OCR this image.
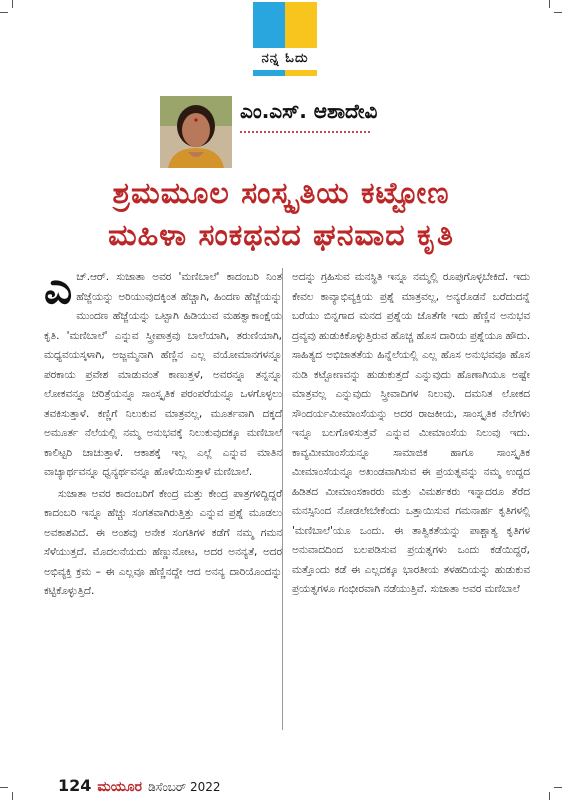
ನನ್ನ ಓದು
ಎಂ.ಎಸ್. ಆಶಾದೇವಿ
ಶ್ರಮಮೂಲ ಸಂಸ್ಕೃತಿಯ ಕಟ್ಟೋಣ
ಮಹಿಳಾ ಸಂಕಥನದ ಘನವಾದ ಕೃತಿ

ಎಚ್.ಆರ್. ಸುಜಾತಾ ಅವರ 'ಮಣಿಬಾಲೆ' ಕಾದಂಬರಿ ನಿಂತ ಹೆಜ್ಜೆಯನ್ನು ಅರಿಯುವುದಕ್ಕಿಂತ ಹೆಚ್ಚಾಗಿ, ಹಿಂದಣ ಹೆಜ್ಜೆಯನ್ನು ಮುಂದಣ ಹೆಜ್ಜೆಯನ್ನು ಒಟ್ಟಾಗಿ ಹಿಡಿಯುವ ಮಹತ್ವಾಕಾಂಕ್ಷೆಯ ಕೃತಿ. 'ಮಣಿಬಾಲೆ' ಎನ್ನುವ ಸ್ತ್ರೀಪಾತ್ರವು ಬಾಲೆಯಾಗಿ, ತರುಣಿಯಾಗಿ, ಮಧ್ಯವಯಸ್ಕಳಾಗಿ, ಅಜ್ಜಮ್ಮನಾಗಿ ಹೆಣ್ಣಿನ ಎಲ್ಲ ವಯೋಮಾನಗಳನ್ನೂ ಪರಕಾಯ ಪ್ರವೇಶ ಮಾಡುವಂತೆ ಕಾಣುತ್ತಳೆ, ಅವರನ್ನೂ ತನ್ನನ್ನೂ ಲೋಕವನ್ನೂ ಚರಿತ್ರೆಯನ್ನೂ ಸಾಂಸ್ಕೃತಿಕ ಪರಂಪರೆಯನ್ನೂ ಒಳಗೊಳ್ಳಲು ತವಕಿಸುತ್ತಾಳೆ. ಕಣ್ಣಿಗೆ ನಿಲುಕುವ ಮಾತ್ರವಲ್ಲ, ಮೂರ್ತವಾಗಿ ದಕ್ಕದೆ ಅಮೂರ್ತ ನೆಲೆಯಲ್ಲಿ ನಮ್ಮ ಅನುಭವಕ್ಕೆ ನಿಲುಕುವುದಕ್ಕೂ ಮಣಿಬಾಲೆ ಕಾಲಿಟ್ಟರಿ ಚಾಚುತ್ತಾಳೆ. ಆಕಾಶಕ್ಕೆ ಇಲ್ಲ ಎಲ್ಲೆ ಎನ್ನುವ ಮಾತಿನ ವಾಚ್ಯಾರ್ಥವನ್ನೂ ಧ್ವನ್ಯರ್ಥವನ್ನೂ ಹೊಳೆಯಿಸುತ್ತಾಳೆ ಮಣಿಬಾಲೆ.

ಸುಜಾತಾ ಅವರ ಕಾದಂಬರಿಗೆ ಕೇಂದ್ರ ಮತ್ತು ಕೇಂದ್ರ ಪಾತ್ರಗಳಿದ್ದಿದ್ದರೆ ಕಾದಂಬರಿ ಇನ್ನೂ ಹೆಚ್ಚು ಸಂಗತವಾಗಿರುತ್ತಿತ್ತು ಎನ್ನುವ ಪ್ರಶ್ನೆ ಮೂಡಲು ಅವಕಾಶವಿದೆ. ಈ ಅಂಶವು ಅನೇಕ ಸಂಗತಿಗಳ ಕಡೆಗೆ ನಮ್ಮ ಗಮನ ಸೆಳೆಯುತ್ತದೆ. ಮೊದಲನೆಯದು ಹೆಣ್ಣುನೋಟ, ಅದರ ಅನನ್ಯತೆ, ಅದರ ಅಭಿವ್ಯಕ್ತಿ ಕ್ರಮ – ಈ ಎಲ್ಲವೂ ಹೆಣ್ಣಿನದ್ದೇ ಆದ ಅನನ್ಯ ದಾರಿಯೊಂದನ್ನು ಕಟ್ಟಿಕೊಳ್ಳುತ್ತಿದೆ.

ಅದನ್ನು ಗ್ರಹಿಸುವ ಮನಸ್ಥಿತಿ ಇನ್ನೂ ನಮ್ಮಲ್ಲಿ ರೂಪುಗೊಳ್ಳಬೇಕಿದೆ. ಇದು ಕೇವಲ ಕಾವ್ಯಾಭಿವ್ಯಕ್ತಿಯ ಪ್ರಶ್ನೆ ಮಾತ್ರವಲ್ಲ, ಅನ್ಯರೊಡನೆ ಬರೆದುದನ್ನೆ ಬರೆಯು ಬಿನ್ನಗಾದ ಮನದ ಪ್ರಶ್ನೆಯ ಜೊತೆಗೇ ಇದು ಹೆಣ್ಣಿನ ಅನುಭವ ದ್ರವ್ಯವು ಹುಡುಕಿಕೊಳ್ಳುತ್ತಿರುವ ಹೊಚ್ಚ ಹೊಸ ದಾರಿಯ ಪ್ರಶ್ನೆಯೂ ಹೌದು. ಸಾಹಿತ್ಯದ ಅಭಿಜಾತತೆಯ ಹಿನ್ನೆಲೆಯಲ್ಲಿ ಎಲ್ಲ ಹೊಸ ಅನುಭವವೂ ಹೊಸ ನುಡಿ ಕಟ್ಟೋಣವನ್ನು ಹುಡುಕುತ್ತದೆ ಎನ್ನುವುದು ಹೊಣಾಗಿಯೂ ಅಷ್ಟೇ ಮಾತ್ರವಲ್ಲ ಎನ್ನುವುದು ಸ್ತ್ರೀವಾದಿಗಳ ನಿಲುವು. ದಮನಿತ ಲೋಕದ ಸೌಂದರ್ಯಮೀಮಾಂಸೆಯನ್ನು ಅದರ ರಾಜಕೀಯ, ಸಾಂಸ್ಕೃತಿಕ ನೆಲೆಗಳು ಇನ್ನೂ ಬಲಗೊಳಿಸುತ್ತವೆ ಎನ್ನುವ ಮೀಮಾಂಸೆಯ ನಿಲುವು ಇದು. ಕಾವ್ಯಮೀಮಾಂಸೆಯನ್ನೂ ಸಾಮಾಜಿಕ ಹಾಗೂ ಸಾಂಸ್ಕೃತಿಕ ಮೀಮಾಂಸೆಯನ್ನೂ ಅಖಂಡವಾಗಿಸುವ ಈ ಪ್ರಯತ್ನವನ್ನು ನಮ್ಮ ಉದ್ದದ ಹಿಡಿತದ ಮೀಮಾಂಸಕಾರರು ಮತ್ತು ವಿಮರ್ಶಕರು ಇನ್ನಾದರೂ ತೆರೆದ ಮನಸ್ಸಿನಿಂದ ನೋಡಲೇಬೇಕೆಂದು ಒತ್ತಾಯಿಸುವ ಗಮನಾರ್ಹ ಕೃತಿಗಳಲ್ಲಿ 'ಮಣಿಬಾಲೆ'ಯೂ ಒಂದು. ಈ ತಾತ್ವಿಕತೆಯನ್ನು ಪಾಶ್ಚಾತ್ಯ ಕೃತಿಗಳ ಅನುವಾದದಿಂದ ಬಲಪಡಿಸುವ ಪ್ರಯತ್ನಗಳು ಒಂದು ಕಡೆಯಿದ್ದರೆ, ಮತ್ತೊಂದು ಕಡೆ ಈ ಎಲ್ಲದಕ್ಕೂ ಭಾರತೀಯ ತಳಹದಿಯನ್ನು ಹುಡುಕುವ ಪ್ರಯತ್ನಗಳೂ ಗಂಭೀರವಾಗಿ ನಡೆಯುತ್ತಿವೆ. ಸುಜಾತಾ ಅವರ ಮಣಿಬಾಲೆ

124 ಮಯೂರ ಡಿಸೆಂಬರ್ 2022
